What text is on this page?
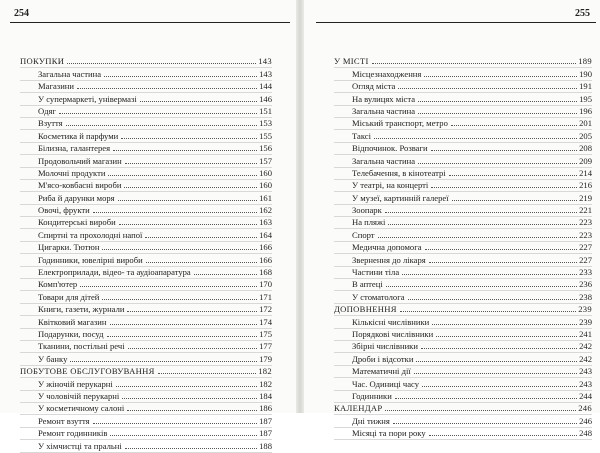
254
ПОКУПКИ	143
Загальна частина	143
Магазини	144
У супермаркеті, універмазі	146
Одяг	151
Взуття	153
Косметика й парфуми	155
Білизна, галантерея	156
Продовольчий магазин	157
Молочні продукти	160
М'ясо-ковбасні вироби	160
Риба й дарунки моря	161
Овочі, фрукти	162
Кондитерські вироби	163
Спиртні та прохолодні напої	164
Цигарки. Тютюн	166
Годинники, ювелірні вироби	166
Електроприлади, відео- та аудіоапаратура	168
Комп'ютер	170
Товари для дітей	171
Книги, газети, журнали	172
Квітковий магазин	174
Подарунки, посуд	175
Тканини, постільні речі	177
У банку	179
ПОБУТОВЕ ОБСЛУГОВУВАННЯ	182
У жіночій перукарні	182
У чоловічій перукарні	184
У косметичному салоні	186
Ремонт взуття	187
Ремонт годинників	187
У хімчистці та пральні	188
255
У МІСТІ	189
Місцезнаходження	190
Огляд міста	191
На вулицях міста	195
Загальна частина	196
Міський транспорт, метро	201
Таксі	205
Відпочинок. Розваги	208
Загальна частина	209
Телебачення, в кінотеатрі	214
У театрі, на концерті	216
У музеї, картинній галереї	219
Зоопарк	221
На пляжі	223
Спорт	223
Медична допомога	227
Звернення до лікаря	227
Частини тіла	233
В аптеці	236
У стоматолога	238
ДОПОВНЕННЯ	239
Кількісні числівники	239
Порядкові числівники	241
Збірні числівники	242
Дроби і відсотки	242
Математичні дії	243
Час. Одиниці часу	243
Годинники	244
КАЛЕНДАР	246
Дні тижня	246
Місяці та пори року	248
